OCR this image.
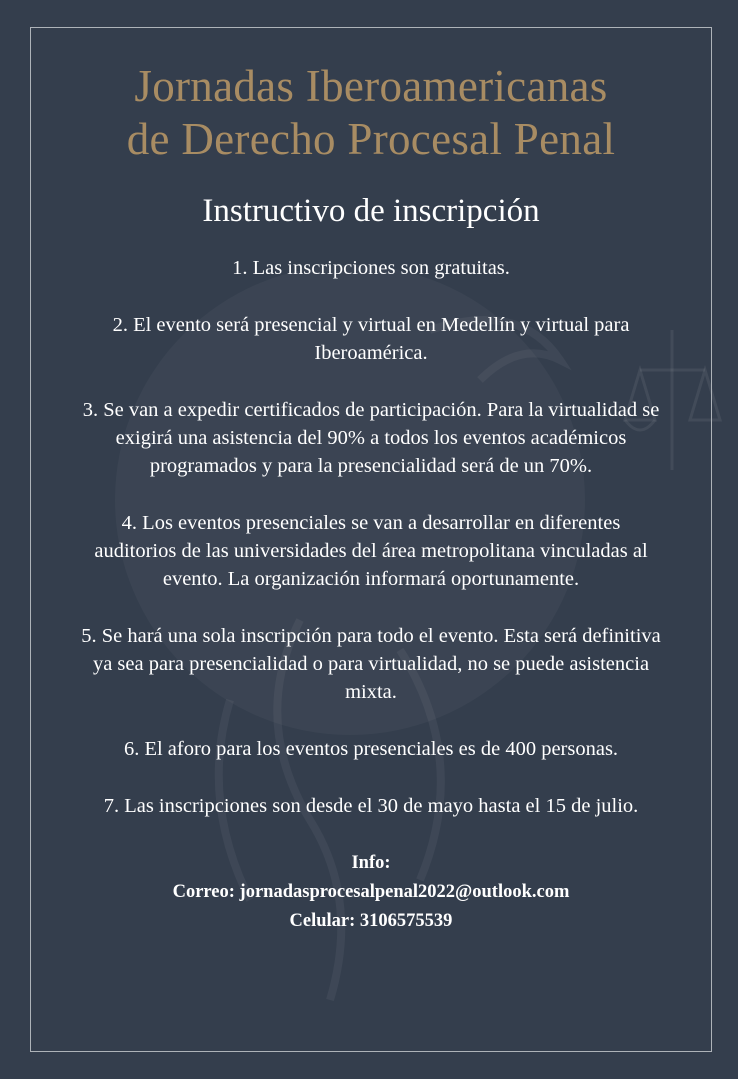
Jornadas Iberoamericanas
de Derecho Procesal Penal
Instructivo de inscripción

1. Las inscripciones son gratuitas.

2. El evento será presencial y virtual en Medellín y virtual para Iberoamérica.

3. Se van a expedir certificados de participación. Para la virtualidad se exigirá una asistencia del 90% a todos los eventos académicos programados y para la presencialidad será de un 70%.

4. Los eventos presenciales se van a desarrollar en diferentes auditorios de las universidades del área metropolitana vinculadas al evento. La organización informará oportunamente.

5. Se hará una sola inscripción para todo el evento. Esta será definitiva ya sea para presencialidad o para virtualidad, no se puede asistencia mixta.

6. El aforo para los eventos presenciales es de 400 personas.

7. Las inscripciones son desde el 30 de mayo hasta el 15 de julio.

Info:
Correo: jornadasprocesalpenal2022@outlook.com
Celular: 3106575539
